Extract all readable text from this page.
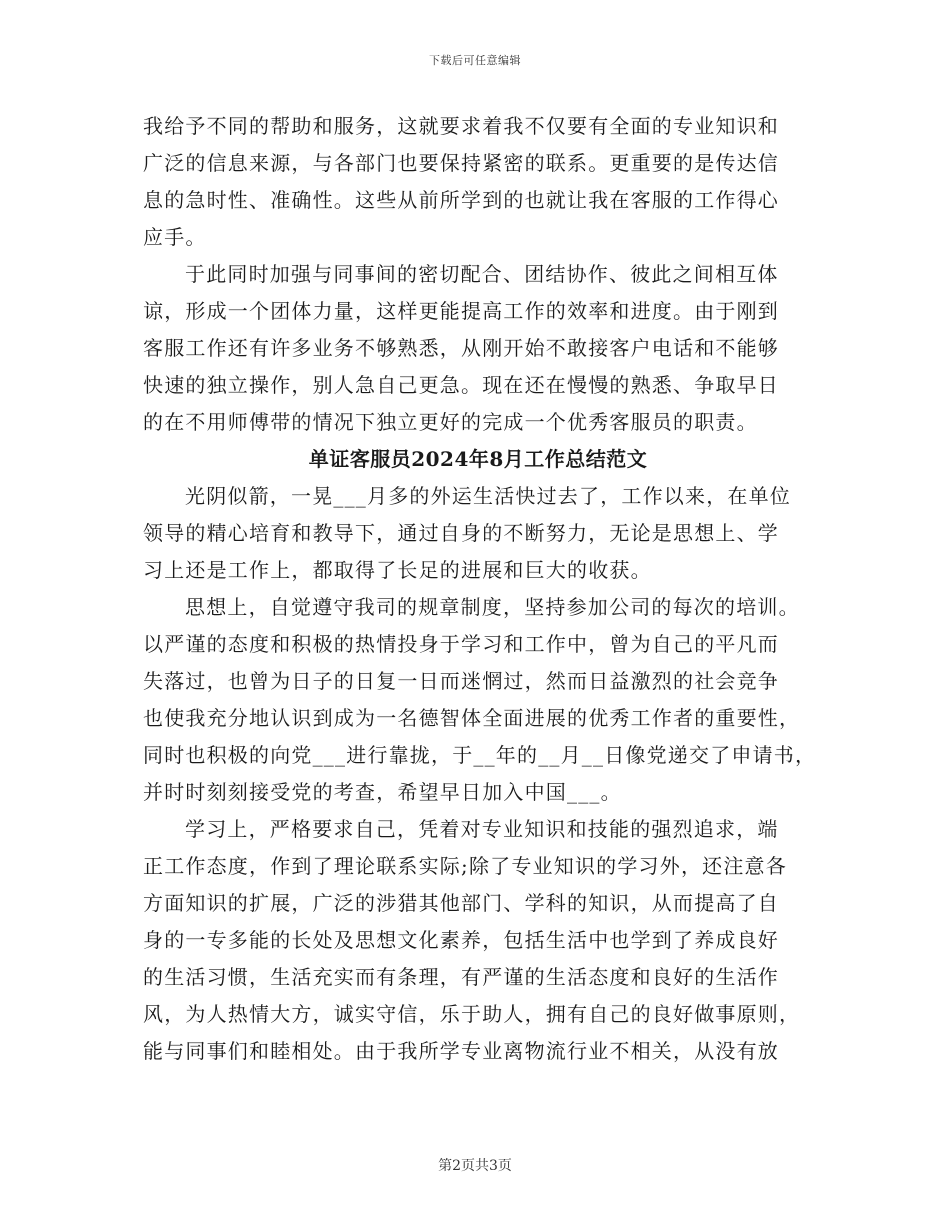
下载后可任意编辑
我给予不同的帮助和服务，这就要求着我不仅要有全面的专业知识和
广泛的信息来源，与各部门也要保持紧密的联系。更重要的是传达信
息的急时性、准确性。这些从前所学到的也就让我在客服的工作得心
应手。
于此同时加强与同事间的密切配合、团结协作、彼此之间相互体
谅，形成一个团体力量，这样更能提高工作的效率和进度。由于刚到
客服工作还有许多业务不够熟悉，从刚开始不敢接客户电话和不能够
快速的独立操作，别人急自己更急。现在还在慢慢的熟悉、争取早日
的在不用师傅带的情况下独立更好的完成一个优秀客服员的职责。
单证客服员2024年8月工作总结范文
光阴似箭，一晃___月多的外运生活快过去了，工作以来，在单位
领导的精心培育和教导下，通过自身的不断努力，无论是思想上、学
习上还是工作上，都取得了长足的进展和巨大的收获。
思想上，自觉遵守我司的规章制度，坚持参加公司的每次的培训。
以严谨的态度和积极的热情投身于学习和工作中，曾为自己的平凡而
失落过，也曾为日子的日复一日而迷惘过，然而日益激烈的社会竞争
也使我充分地认识到成为一名德智体全面进展的优秀工作者的重要性，
同时也积极的向党___进行靠拢，于__年的__月__日像党递交了申请书，
并时时刻刻接受党的考查，希望早日加入中国___。
学习上，严格要求自己，凭着对专业知识和技能的强烈追求，端
正工作态度，作到了理论联系实际;除了专业知识的学习外，还注意各
方面知识的扩展，广泛的涉猎其他部门、学科的知识，从而提高了自
身的一专多能的长处及思想文化素养，包括生活中也学到了养成良好
的生活习惯，生活充实而有条理，有严谨的生活态度和良好的生活作
风，为人热情大方，诚实守信，乐于助人，拥有自己的良好做事原则，
能与同事们和睦相处。由于我所学专业离物流行业不相关，从没有放
第2页共3页
